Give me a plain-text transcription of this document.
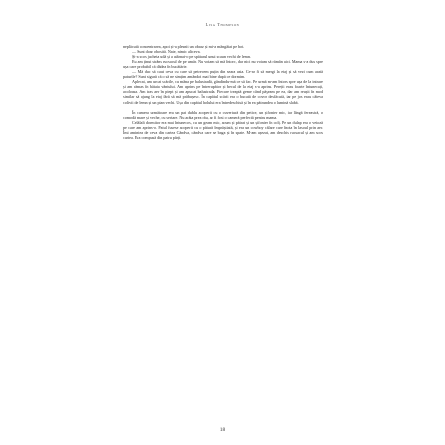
Lisa Thompson

neplăcută concentrarea, apoi și-a plesnit un obraz și mi-a mângâiat pe bot.

— Sunt doar obosită. Nate, nimic altceva.

Și-a scos jacheta udă și a atârnat-o pe spătarul unui scaun vechi de lemn.

Eu am ținut strâns rucsacul de pe umăr. Nu voiam să mă întorc, dar nici nu voiam să rămân aici. Mama s-a dus spre ușa care probabil că dădea în bucătărie.

— Mă duc să caut ceva cu care să petrecem puțin din seara asta. Ce-ar fi să mergi la etaj și să vezi cum arată paturile? Sunt sigură că o să ne simțim amândoi mai bine după ce dormim.

Aplecat, am urcat scările, cu mâna pe balustradă, gândindu-mă ce să fac. Pe urmă m-am întors spre ușa de la intrare și am rămas în bătaia vântului. Am aprins pe întrerupător și becul de la etaj s-a aprins. Pereții erau foarte întunecați, acoloasa. Am tras aer în piept și am apucat balustrada. Fiecare treaptă geme când păşeam pe ea, dar am reușit în mod similar să ajung la etaj fără să mă prăbușesc. În capătul scării era o bucată de covor desfăcută, iar pe jos erau câteva colivii de lemn și un pian vechi. Ușa din capătul holului era întredeschisă și în ea pătrundea o lumină slabă.

În camera următoare era un pat dublu acoperit cu o cuvertură din petice, un șifonier mic, iar lângă fereastră, o comodă mare și veche, cu sertare. Nu arăta prea rău, ar fi fost o cameră perfectă pentru mama.

Celălalt dormitor era mai întunecos, cu un geam mic, acum și pătrat și un șifonier în colț. Pe un dulap era o veioză pe care am aprins-o. Patul fusese acoperit cu o pătură împrăștiată, și era un cowboy călare care înota în lasoul prin aer. Îmi amintea de ceva din cartea Cândva, cândva care se baga și în spate. M-am așezat, am deschis rucsacul și am scos cartea. Era compusă din patru părți.

18
